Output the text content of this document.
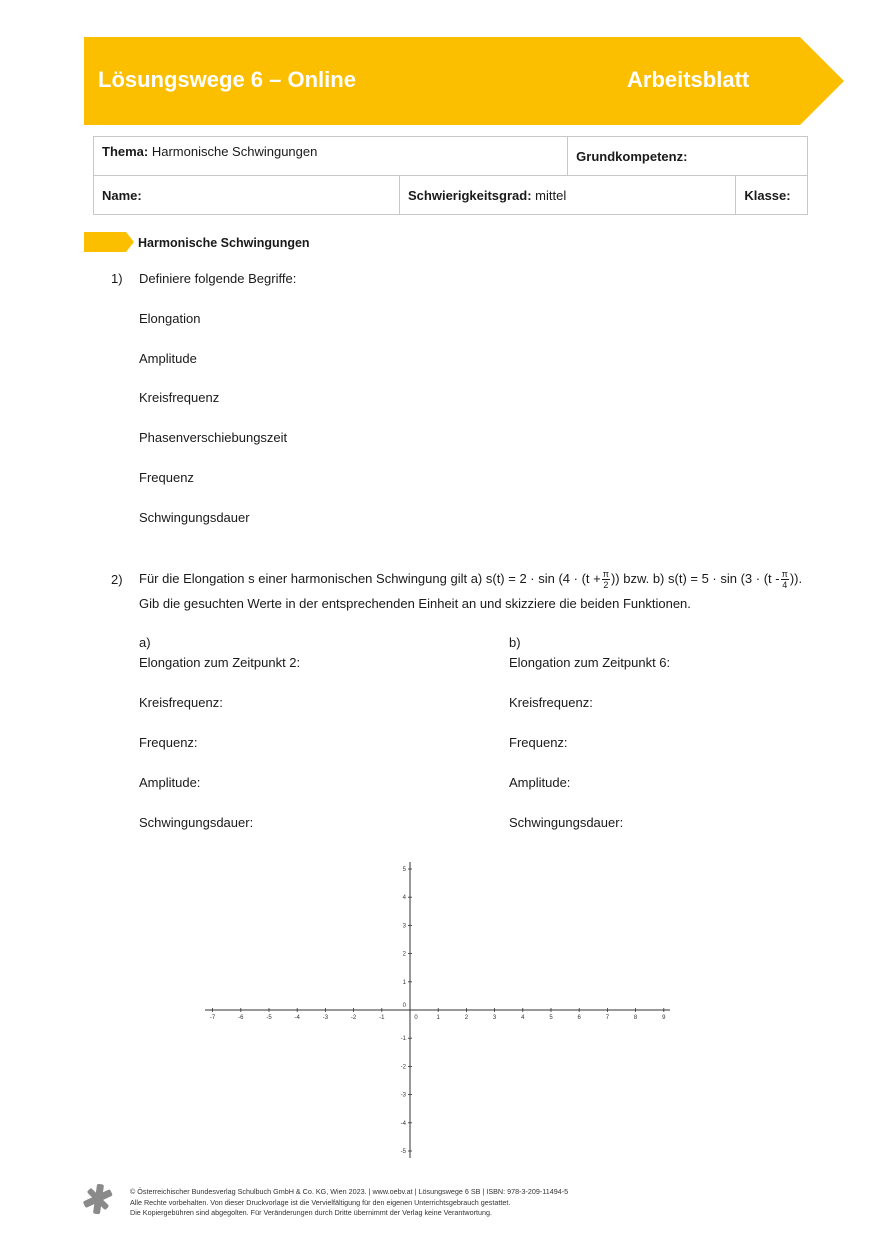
Lösungswege 6 – Online	Arbeitsblatt
Thema: Harmonische Schwingungen		Grundkompetenz:	
Name:	Schwierigkeitsgrad: mittel		Klasse:
Harmonische Schwingungen
1) Definiere folgende Begriffe:
Elongation
Amplitude
Kreisfrequenz
Phasenverschiebungszeit
Frequenz
Schwingungsdauer
2) Für die Elongation s einer harmonischen Schwingung gilt a) $s(t) = 2 \cdot \sin (4 \cdot (t + \frac{\pi}{2}$ )) bzw. b) $s(t) = 5 \cdot \sin (3 \cdot (t - \frac{\pi}{4}$ )).
Gib die gesuchten Werte in der entsprechenden Einheit an und skizziere die beiden Funktionen.
a)
Elongation zum Zeitpunkt 2:
Kreisfrequenz:
Frequenz:
Amplitude:
Schwingungsdauer:
b)
Elongation zum Zeitpunkt 6:
Kreisfrequenz:
Frequenz:
Amplitude:
Schwingungsdauer:
-7	-6	-5	-4	-3	-2	-1	1	2	3	4	5	6	7	8	9
-5
-4
-3
-2
-1
1
2
3
4
5
0
0
© Österreichischer Bundesverlag Schulbuch GmbH & Co. KG, Wien 2023. | www.oebv.at | Lösungswege 6 SB | ISBN: 978-3-209-11494-5
Alle Rechte vorbehalten. Von dieser Druckvorlage ist die Vervielfältigung für den eigenen Unterrichtsgebrauch gestattet.
Die Kopiergebühren sind abgegolten. Für Veränderungen durch Dritte übernimmt der Verlag keine Verantwortung.
